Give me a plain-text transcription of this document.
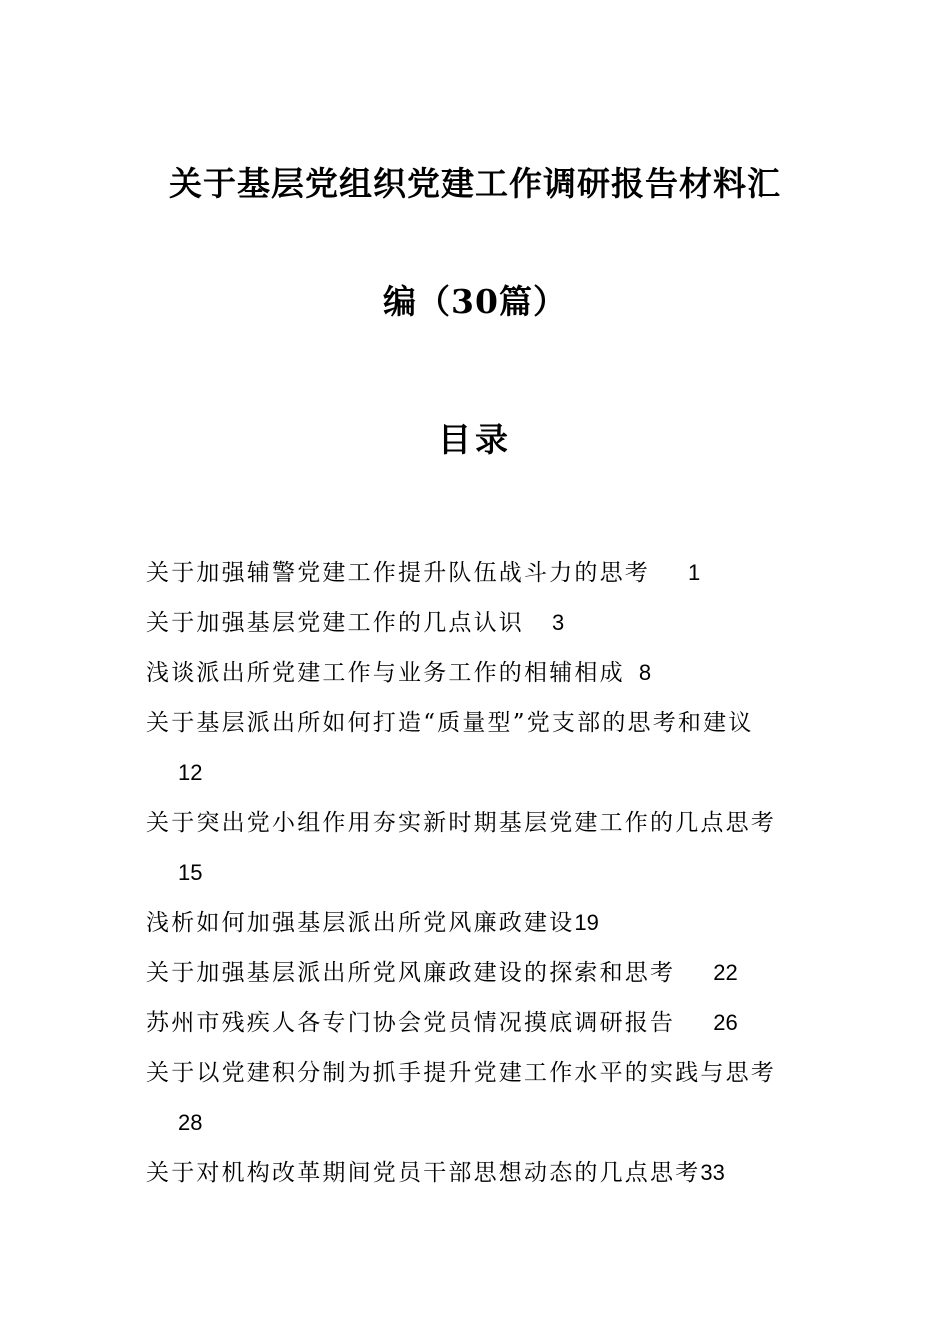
关于基层党组织党建工作调研报告材料汇
编（30篇）
目录
关于加强辅警党建工作提升队伍战斗力的思考 1
关于加强基层党建工作的几点认识 3
浅谈派出所党建工作与业务工作的相辅相成 8
关于基层派出所如何打造“质量型”党支部的思考和建议
12
关于突出党小组作用夯实新时期基层党建工作的几点思考
15
浅析如何加强基层派出所党风廉政建设19
关于加强基层派出所党风廉政建设的探索和思考 22
苏州市残疾人各专门协会党员情况摸底调研报告 26
关于以党建积分制为抓手提升党建工作水平的实践与思考
28
关于对机构改革期间党员干部思想动态的几点思考33
